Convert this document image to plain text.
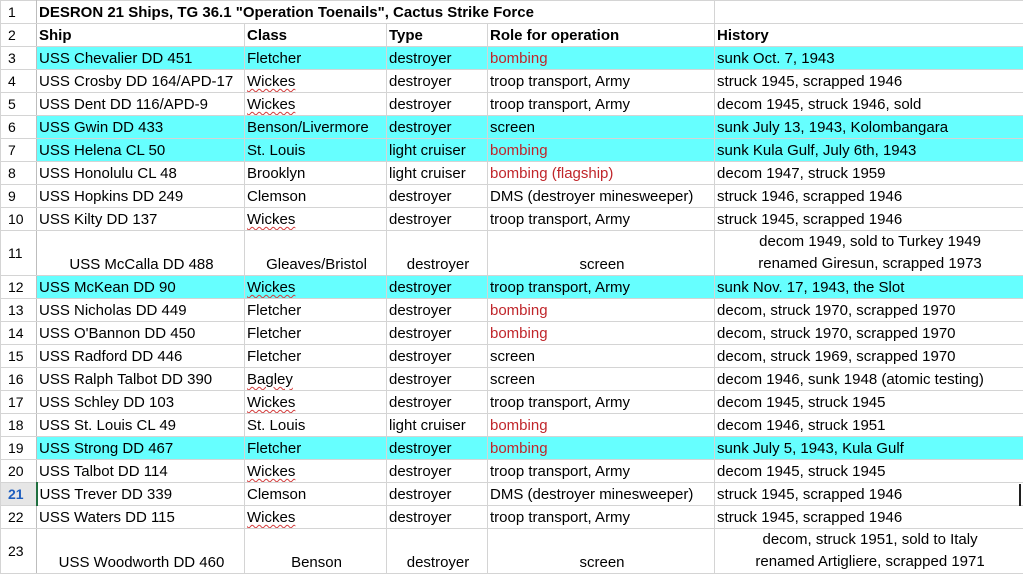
1	DESRON 21 Ships, TG 36.1 "Operation Toenails", Cactus Strike Force				
2	Ship	Class	Type	Role for operation	History
3	USS Chevalier DD 451	Fletcher	destroyer	bombing	sunk Oct. 7, 1943
4	USS Crosby DD 164/APD-17	Wickes	destroyer	troop transport, Army	struck 1945, scrapped 1946
5	USS Dent DD 116/APD-9	Wickes	destroyer	troop transport, Army	decom 1945, struck 1946, sold
6	USS Gwin DD 433	Benson/Livermore	destroyer	screen	sunk July 13, 1943, Kolombangara
7	USS Helena CL 50	St. Louis	light cruiser	bombing	sunk Kula Gulf, July 6th, 1943
8	USS Honolulu CL 48	Brooklyn	light cruiser	bombing (flagship)	decom 1947, struck 1959
9	USS Hopkins DD 249	Clemson	destroyer	DMS (destroyer minesweeper)	struck 1946, scrapped 1946
10	USS Kilty DD 137	Wickes	destroyer	troop transport, Army	struck 1945, scrapped 1946
11	USS McCalla DD 488	Gleaves/Bristol	destroyer	screen	decom 1949, sold to Turkey 1949
renamed Giresun, scrapped 1973
12	USS McKean DD 90	Wickes	destroyer	troop transport, Army	sunk Nov. 17, 1943, the Slot
13	USS Nicholas DD 449	Fletcher	destroyer	bombing	decom, struck 1970, scrapped 1970
14	USS O'Bannon DD 450	Fletcher	destroyer	bombing	decom, struck 1970, scrapped 1970
15	USS Radford DD 446	Fletcher	destroyer	screen	decom, struck 1969, scrapped 1970
16	USS Ralph Talbot DD 390	Bagley	destroyer	screen	decom 1946, sunk 1948 (atomic testing)
17	USS Schley DD 103	Wickes	destroyer	troop transport, Army	decom 1945, struck 1945
18	USS St. Louis CL 49	St. Louis	light cruiser	bombing	decom 1946, struck 1951
19	USS Strong DD 467	Fletcher	destroyer	bombing	sunk July 5, 1943, Kula Gulf
20	USS Talbot DD 114	Wickes	destroyer	troop transport, Army	decom 1945, struck 1945
21	USS Trever DD 339	Clemson	destroyer	DMS (destroyer minesweeper)	struck 1945, scrapped 1946
22	USS Waters DD 115	Wickes	destroyer	troop transport, Army	struck 1945, scrapped 1946
23	USS Woodworth DD 460	Benson	destroyer	screen	decom, struck 1951, sold to Italy
renamed Artigliere, scrapped 1971
